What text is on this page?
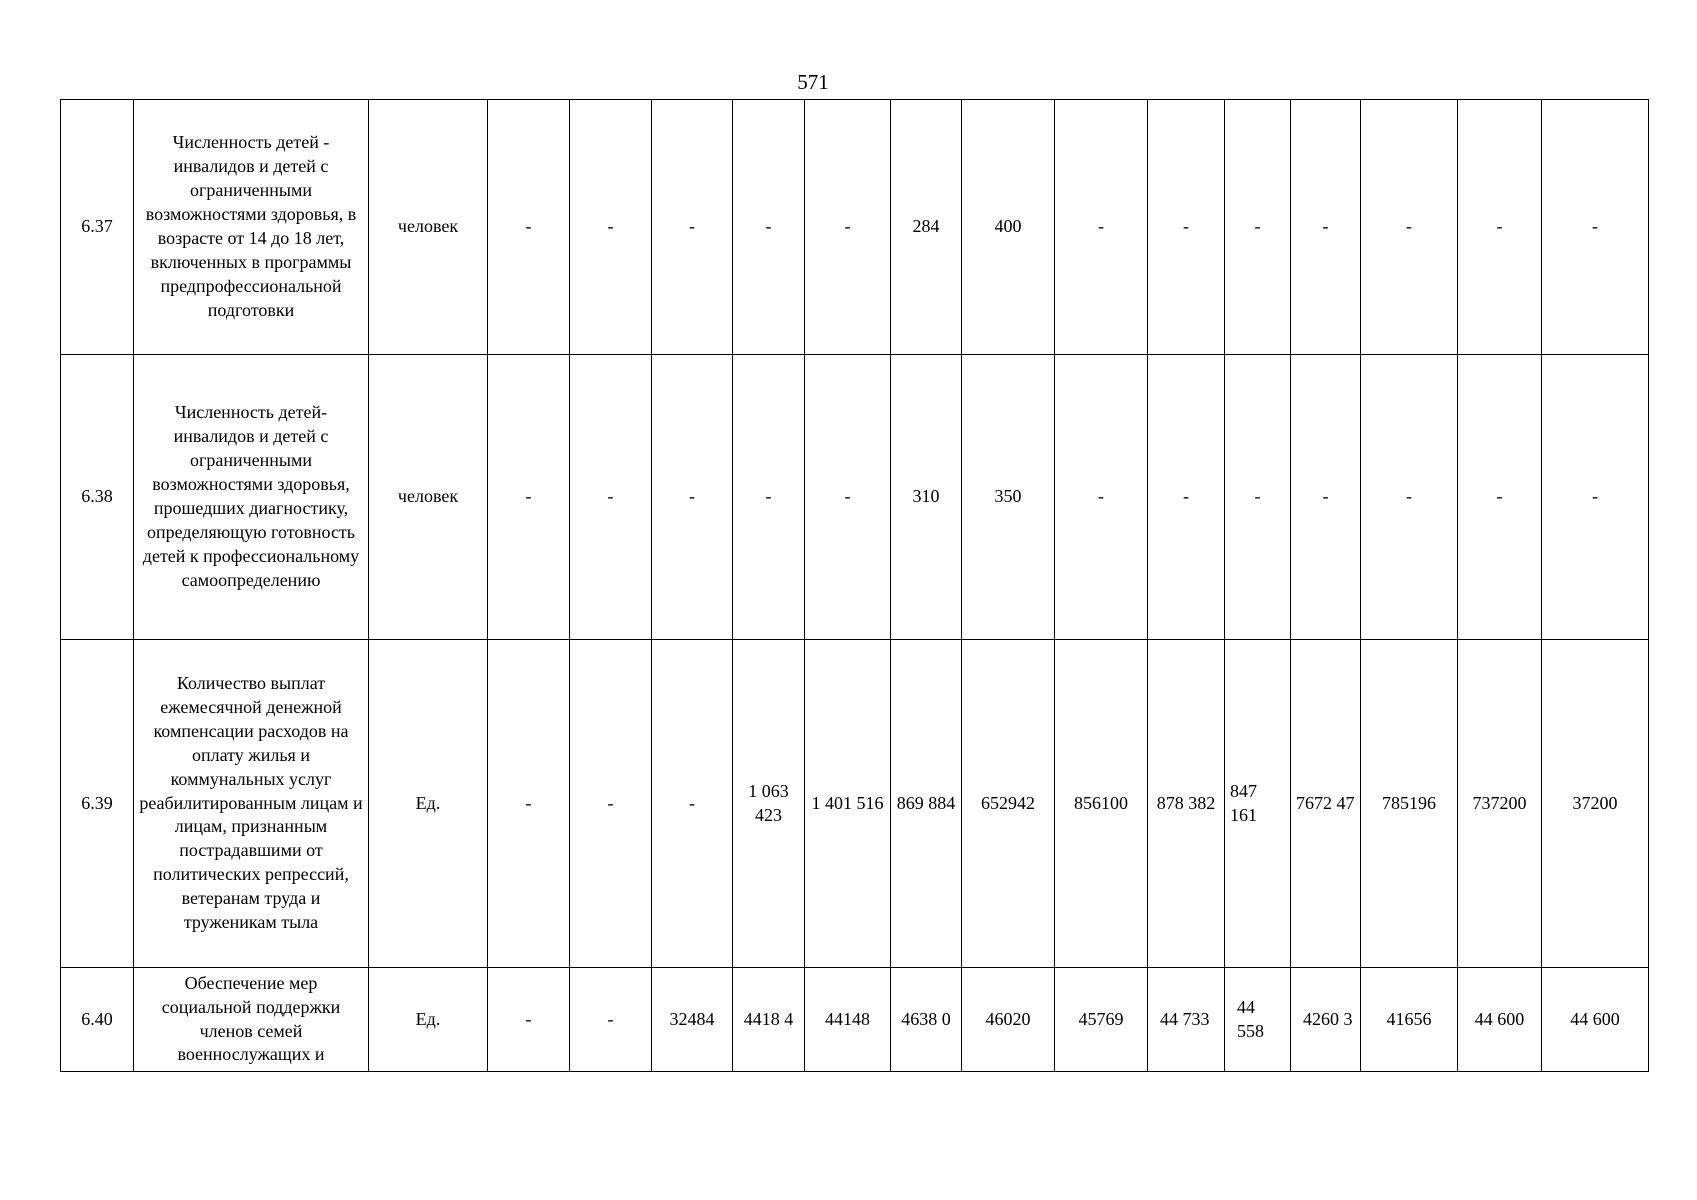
571
6.37	Численность детей - инвалидов и детей с ограниченными возможностями здоровья, в возрасте от 14 до 18 лет, включенных в программы предпрофессиональной подготовки	человек	-	-	-	-	-	284	400	-	-	-	-	-	-	-
6.38	Численность детей-инвалидов и детей с ограниченными возможностями здоровья, прошедших диагностику, определяющую готовность детей к профессиональному самоопределению	человек	-	-	-	-	-	310	350	-	-	-	-	-	-	-
6.39	Количество выплат ежемесячной денежной компенсации расходов на оплату жилья и коммунальных услуг реабилитированным лицам и лицам, признанным пострадавшими от политических репрессий, ветеранам труда и труженикам тыла	Ед.	-	-	-	1 063 423	1 401 516	869 884	652942	856100	878 382	847 161	7672 47	785196	737200	37200
6.40	Обеспечение мер социальной поддержки членов семей военнослужащих и	Ед.	-	-	32484	4418 4	44148	4638 0	46020	45769	44 733	44 558	4260 3	41656	44 600	44 600
